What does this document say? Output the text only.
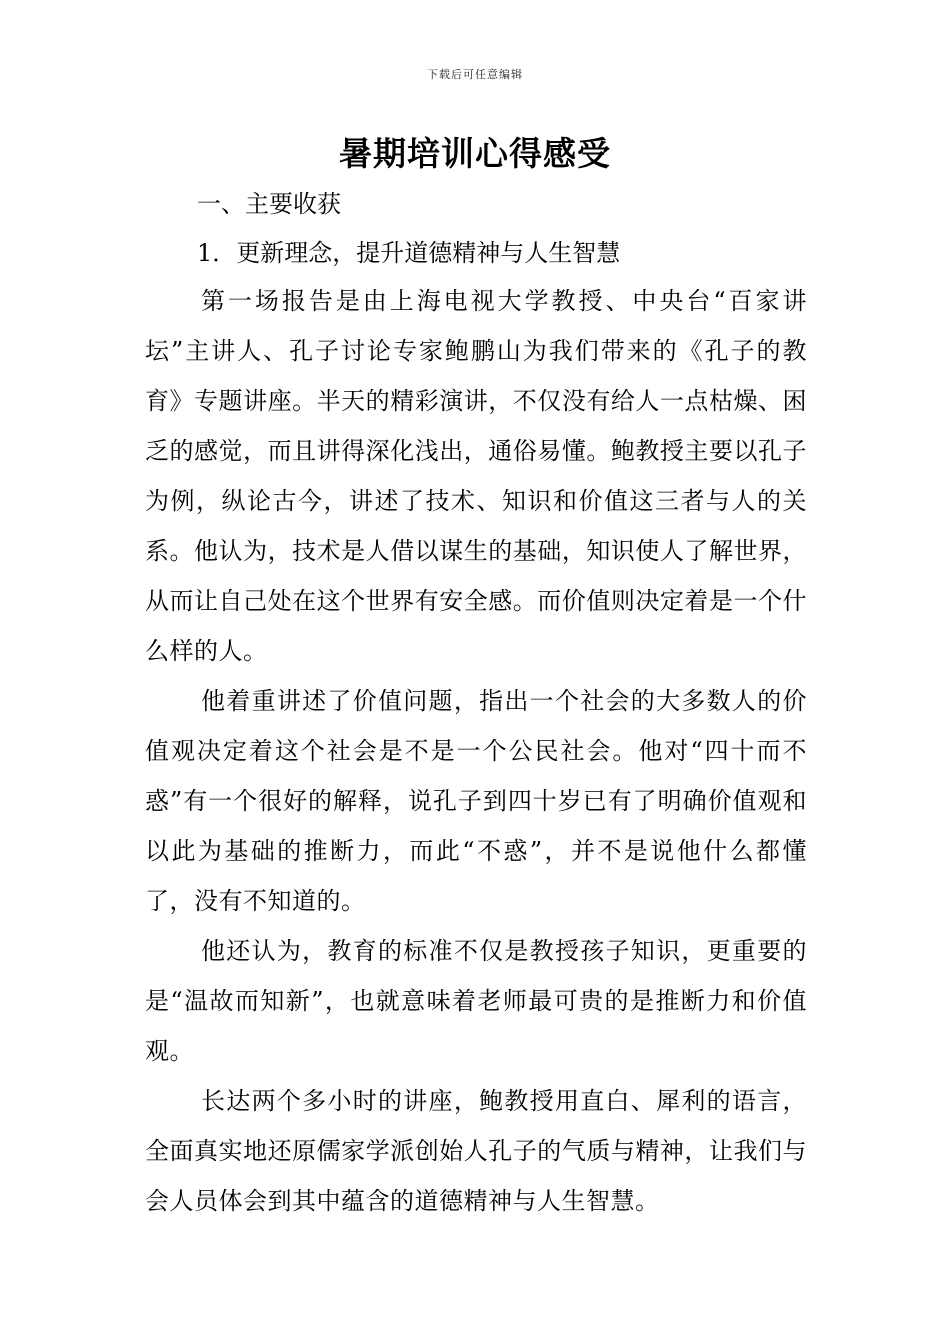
下载后可任意编辑
暑期培训心得感受

一、主要收获

1．更新理念，提升道德精神与人生智慧

第一场报告是由上海电视大学教授、中央台“百家讲坛”主讲人、孔子讨论专家鲍鹏山为我们带来的《孔子的教育》专题讲座。半天的精彩演讲，不仅没有给人一点枯燥、困乏的感觉，而且讲得深化浅出，通俗易懂。鲍教授主要以孔子为例，纵论古今，讲述了技术、知识和价值这三者与人的关系。他认为，技术是人借以谋生的基础，知识使人了解世界，从而让自己处在这个世界有安全感。而价值则决定着是一个什么样的人。

他着重讲述了价值问题，指出一个社会的大多数人的价值观决定着这个社会是不是一个公民社会。他对“四十而不惑”有一个很好的解释，说孔子到四十岁已有了明确价值观和以此为基础的推断力，而此“不惑”，并不是说他什么都懂了，没有不知道的。

他还认为，教育的标准不仅是教授孩子知识，更重要的是“温故而知新”，也就意味着老师最可贵的是推断力和价值观。

长达两个多小时的讲座，鲍教授用直白、犀利的语言，全面真实地还原儒家学派创始人孔子的气质与精神，让我们与会人员体会到其中蕴含的道德精神与人生智慧。
